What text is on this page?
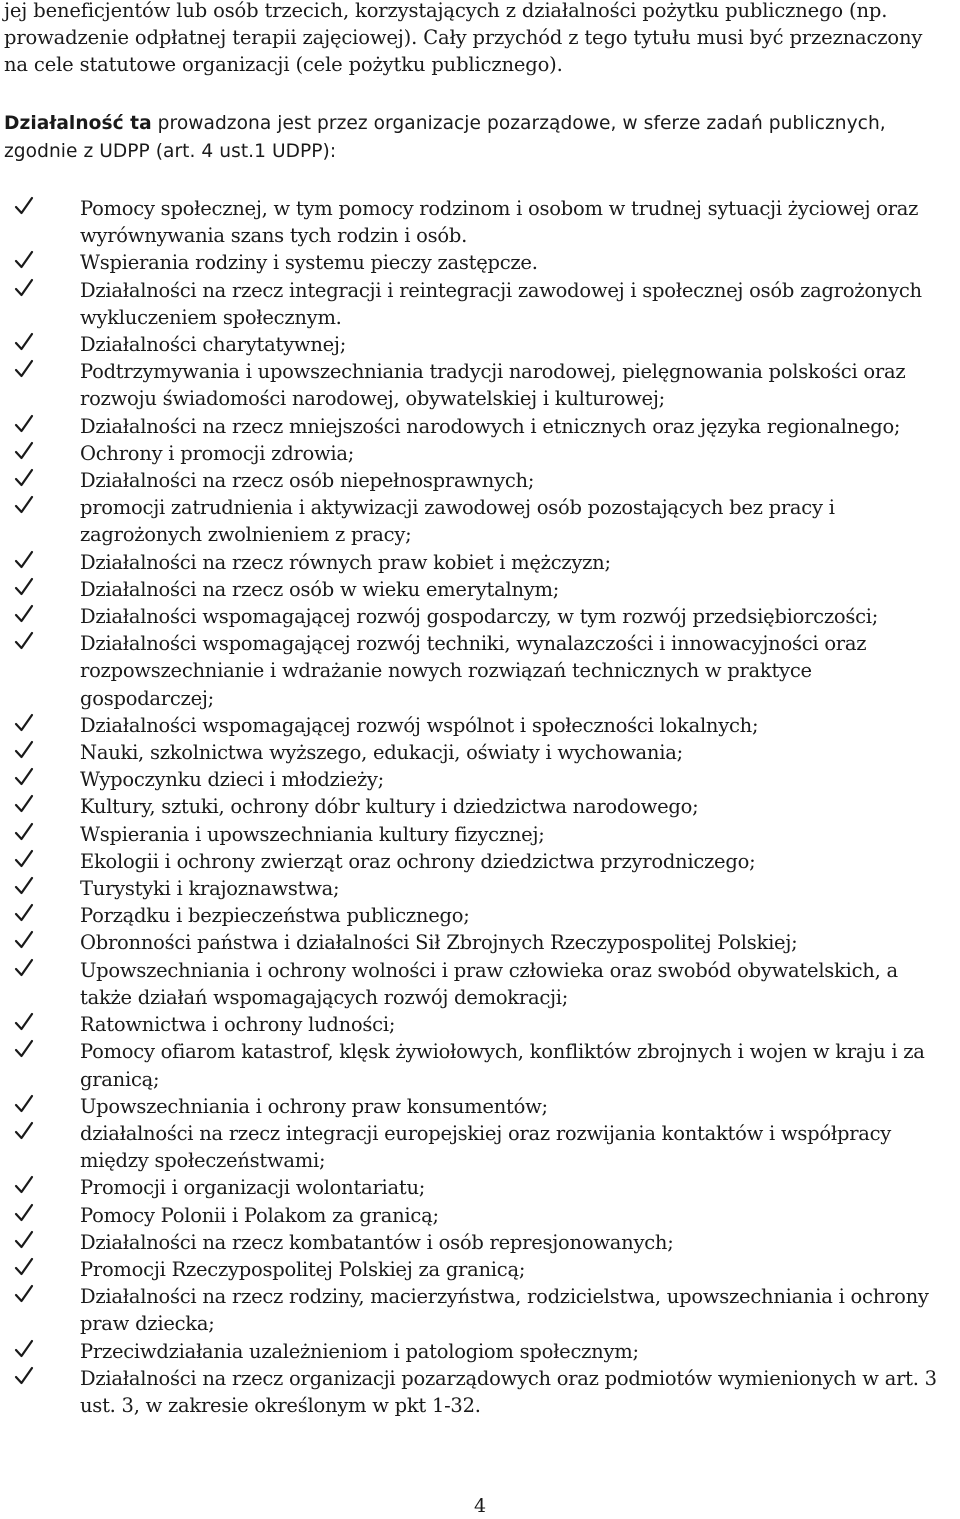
jej beneficjentów lub osób trzecich, korzystających z działalności pożytku publicznego (np.
prowadzenie odpłatnej terapii zajęciowej). Cały przychód z tego tytułu musi być przeznaczony
na cele statutowe organizacji (cele pożytku publicznego).

Działalność ta prowadzona jest przez organizacje pozarządowe, w sferze zadań publicznych,
zgodnie z UDPP (art. 4 ust.1 UDPP):

Pomocy społecznej, w tym pomocy rodzinom i osobom w trudnej sytuacji życiowej oraz wyrównywania szans tych rodzin i osób.
Wspierania rodziny i systemu pieczy zastępcze.
Działalności na rzecz integracji i reintegracji zawodowej i społecznej osób zagrożonych wykluczeniem społecznym.
Działalności charytatywnej;
Podtrzymywania i upowszechniania tradycji narodowej, pielęgnowania polskości oraz rozwoju świadomości narodowej, obywatelskiej i kulturowej;
Działalności na rzecz mniejszości narodowych i etnicznych oraz języka regionalnego;
Ochrony i promocji zdrowia;
Działalności na rzecz osób niepełnosprawnych;
promocji zatrudnienia i aktywizacji zawodowej osób pozostających bez pracy i zagrożonych zwolnieniem z pracy;
Działalności na rzecz równych praw kobiet i mężczyzn;
Działalności na rzecz osób w wieku emerytalnym;
Działalności wspomagającej rozwój gospodarczy, w tym rozwój przedsiębiorczości;
Działalności wspomagającej rozwój techniki, wynalazczości i innowacyjności oraz rozpowszechnianie i wdrażanie nowych rozwiązań technicznych w praktyce gospodarczej;
Działalności wspomagającej rozwój wspólnot i społeczności lokalnych;
Nauki, szkolnictwa wyższego, edukacji, oświaty i wychowania;
Wypoczynku dzieci i młodzieży;
Kultury, sztuki, ochrony dóbr kultury i dziedzictwa narodowego;
Wspierania i upowszechniania kultury fizycznej;
Ekologii i ochrony zwierząt oraz ochrony dziedzictwa przyrodniczego;
Turystyki i krajoznawstwa;
Porządku i bezpieczeństwa publicznego;
Obronności państwa i działalności Sił Zbrojnych Rzeczypospolitej Polskiej;
Upowszechniania i ochrony wolności i praw człowieka oraz swobód obywatelskich, a także działań wspomagających rozwój demokracji;
Ratownictwa i ochrony ludności;
Pomocy ofiarom katastrof, klęsk żywiołowych, konfliktów zbrojnych i wojen w kraju i za granicą;
Upowszechniania i ochrony praw konsumentów;
działalności na rzecz integracji europejskiej oraz rozwijania kontaktów i współpracy między społeczeństwami;
Promocji i organizacji wolontariatu;
Pomocy Polonii i Polakom za granicą;
Działalności na rzecz kombatantów i osób represjonowanych;
Promocji Rzeczypospolitej Polskiej za granicą;
Działalności na rzecz rodziny, macierzyństwa, rodzicielstwa, upowszechniania i ochrony praw dziecka;
Przeciwdziałania uzależnieniom i patologiom społecznym;
Działalności na rzecz organizacji pozarządowych oraz podmiotów wymienionych w art. 3 ust. 3, w zakresie określonym w pkt 1-32.
4
